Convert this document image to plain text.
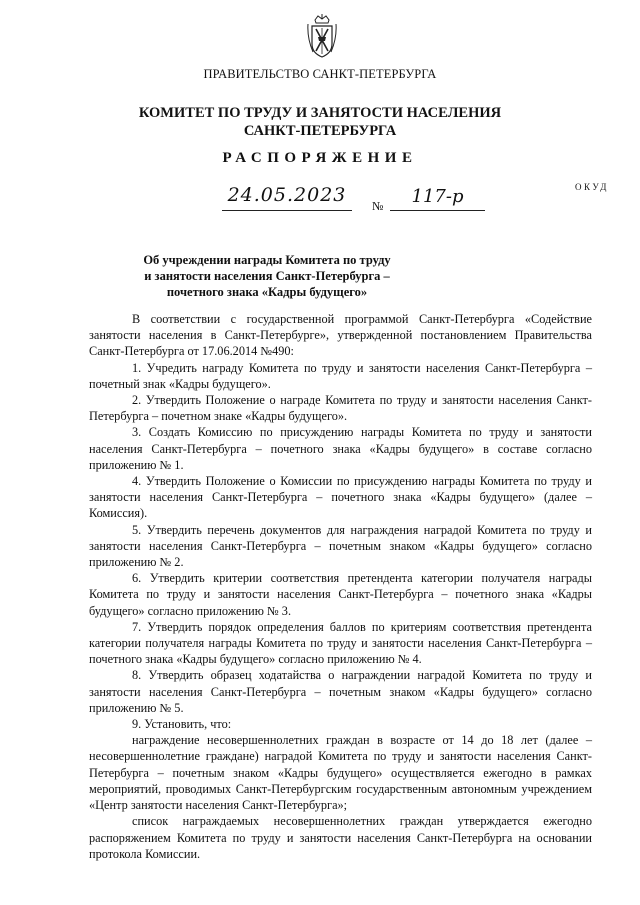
ПРАВИТЕЛЬСТВО САНКТ-ПЕТЕРБУРГА
КОМИТЕТ ПО ТРУДУ И ЗАНЯТОСТИ НАСЕЛЕНИЯ
САНКТ-ПЕТЕРБУРГА
РАСПОРЯЖЕНИЕ
ОКУД
24.05.2023	№	117-р
Об учреждении награды Комитета по труду
и занятости населения Санкт-Петербурга –
почетного знака «Кадры будущего»

В соответствии с государственной программой Санкт-Петербурга «Содействие занятости населения в Санкт-Петербурге», утвержденной постановлением Правительства Санкт-Петербурга от 17.06.2014 №490:

1. Учредить награду Комитета по труду и занятости населения Санкт-Петербурга – почетный знак «Кадры будущего».

2. Утвердить Положение о награде Комитета по труду и занятости населения Санкт-Петербурга – почетном знаке «Кадры будущего».

3. Создать Комиссию по присуждению награды Комитета по труду и занятости населения Санкт-Петербурга – почетного знака «Кадры будущего» в составе согласно приложению № 1.

4. Утвердить Положение о Комиссии по присуждению награды Комитета по труду и занятости населения Санкт-Петербурга – почетного знака «Кадры будущего» (далее – Комиссия).

5. Утвердить перечень документов для награждения наградой Комитета по труду и занятости населения Санкт-Петербурга – почетным знаком «Кадры будущего» согласно приложению № 2.

6. Утвердить критерии соответствия претендента категории получателя награды Комитета по труду и занятости населения Санкт-Петербурга – почетного знака «Кадры будущего» согласно приложению № 3.

7. Утвердить порядок определения баллов по критериям соответствия претендента категории получателя награды Комитета по труду и занятости населения Санкт-Петербурга – почетного знака «Кадры будущего» согласно приложению № 4.

8. Утвердить образец ходатайства о награждении наградой Комитета по труду и занятости населения Санкт-Петербурга – почетным знаком «Кадры будущего» согласно приложению № 5.

9. Установить, что:

награждение несовершеннолетних граждан в возрасте от 14 до 18 лет (далее – несовершеннолетние граждане) наградой Комитета по труду и занятости населения Санкт-Петербурга – почетным знаком «Кадры будущего» осуществляется ежегодно в рамках мероприятий, проводимых Санкт-Петербургским государственным автономным учреждением «Центр занятости населения Санкт-Петербурга»;

список награждаемых несовершеннолетних граждан утверждается ежегодно распоряжением Комитета по труду и занятости населения Санкт-Петербурга на основании протокола Комиссии.
